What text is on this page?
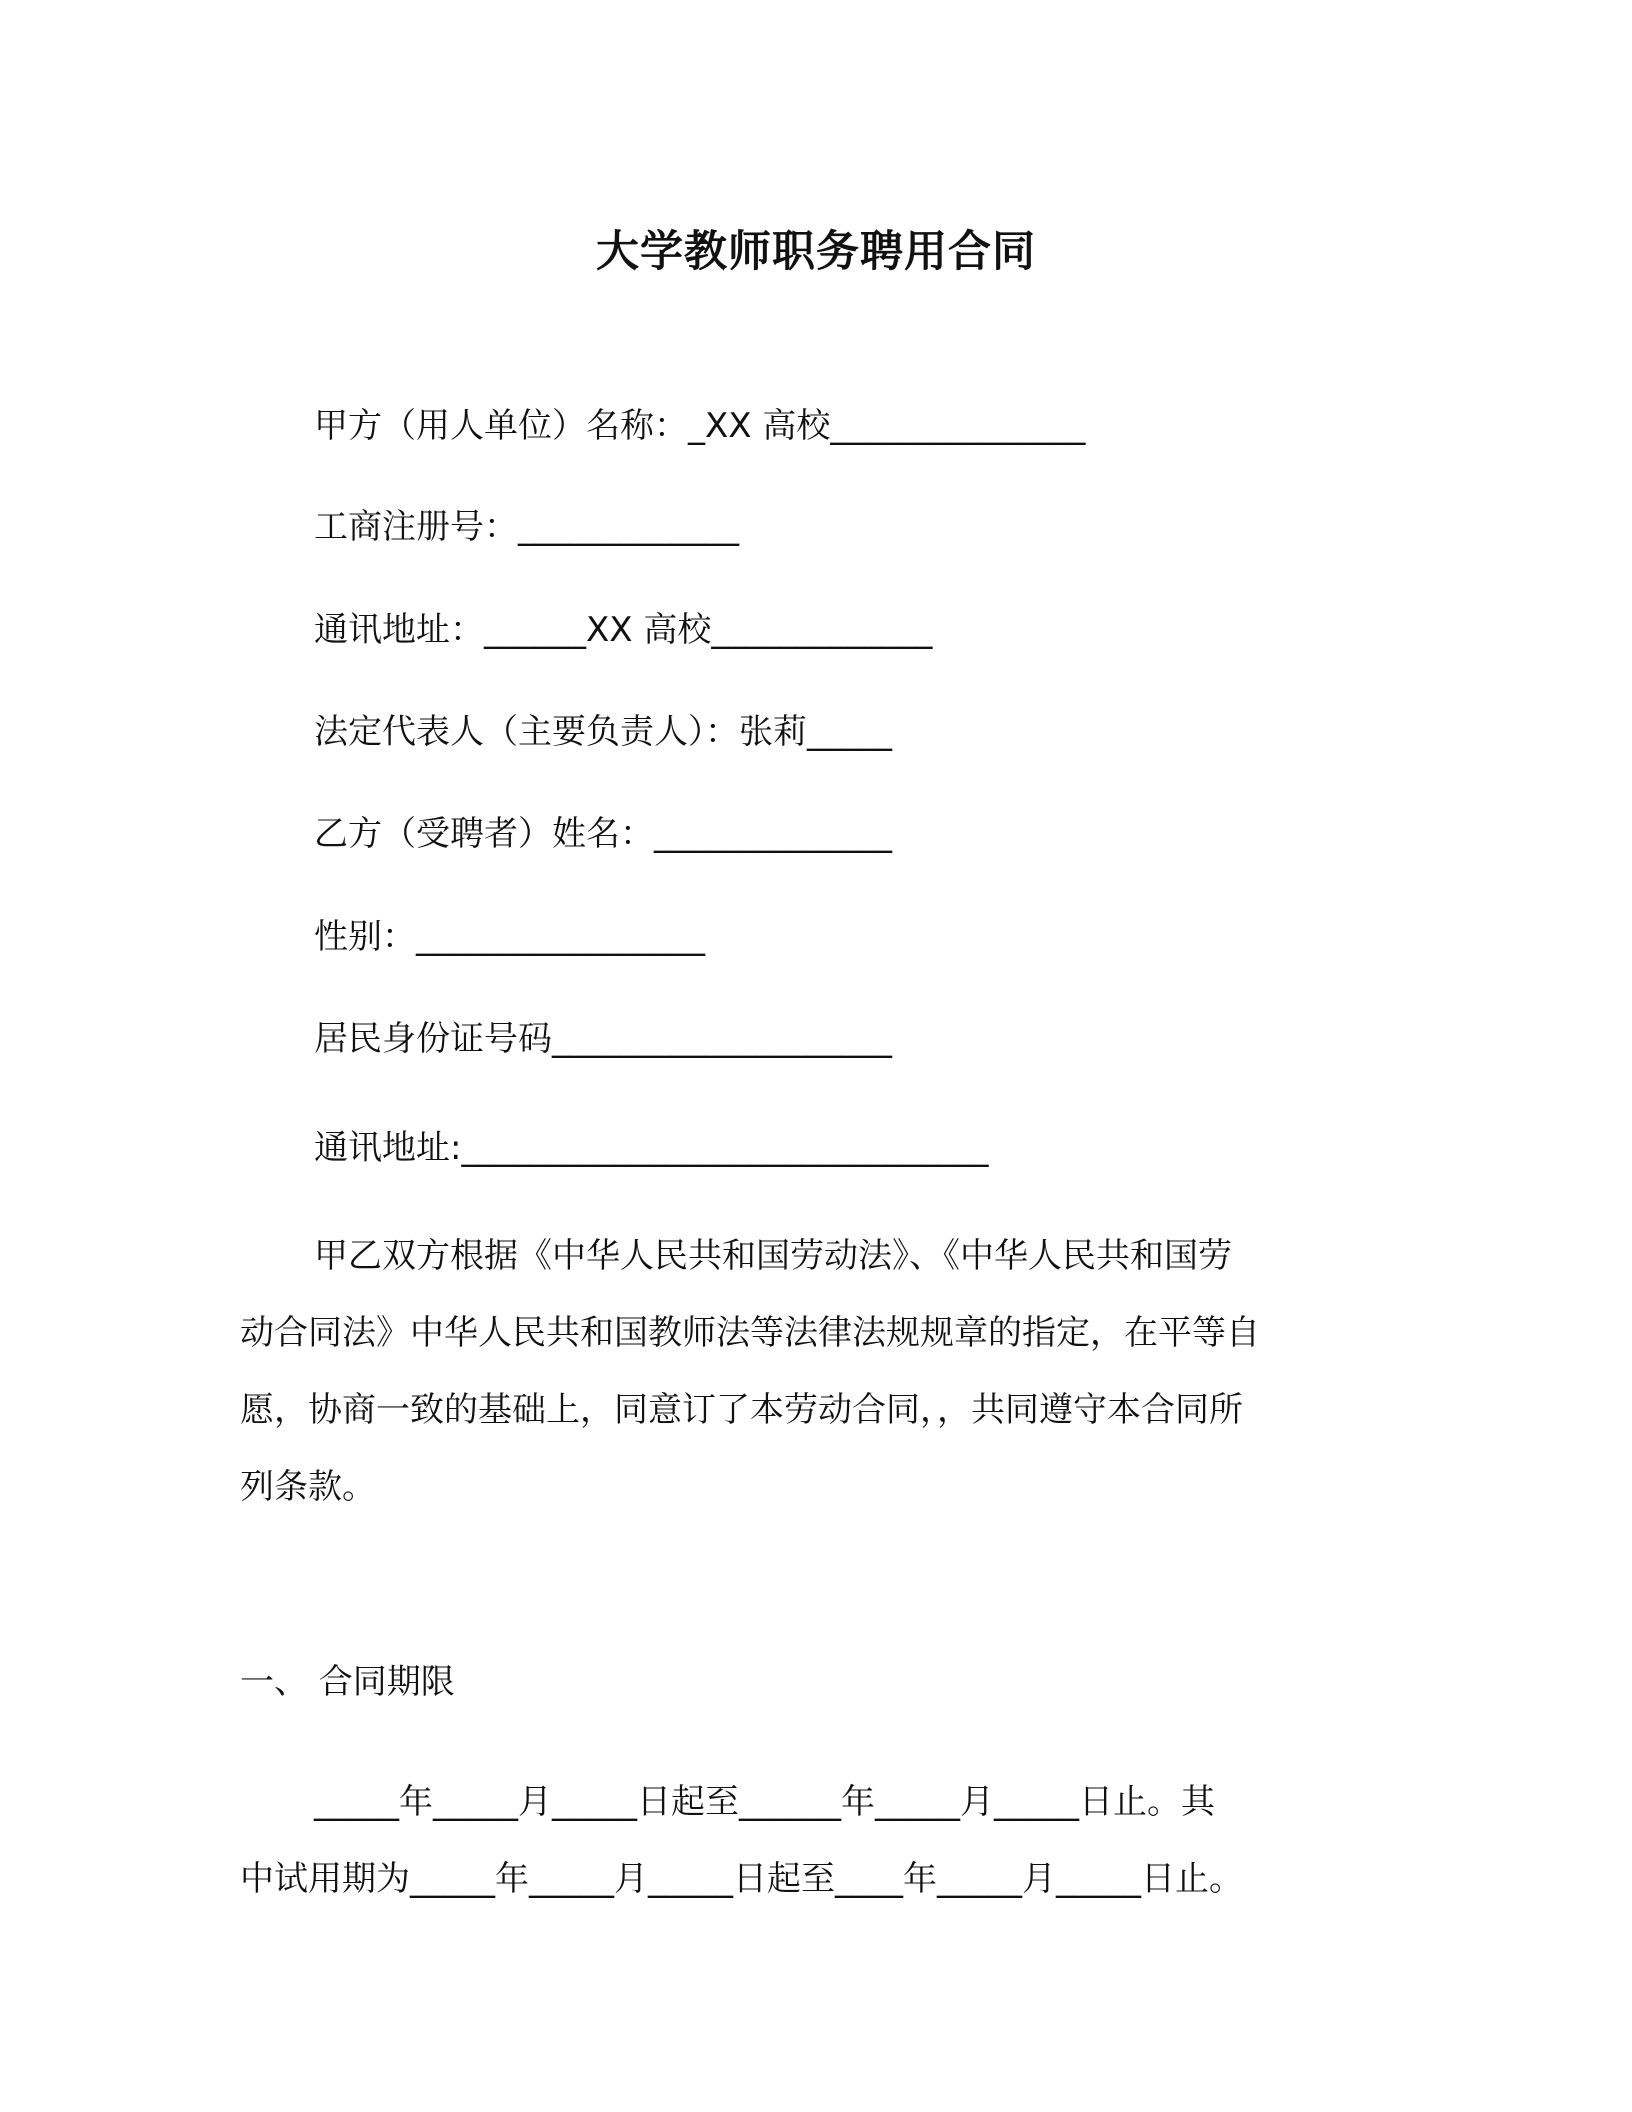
大学教师职务聘用合同
甲方（用人单位）名称：_XX 高校_______________
工商注册号：_____________
通讯地址：______XX 高校_____________
法定代表人（主要负责人）：张莉_____
乙方（受聘者）姓名：______________
性别：_________________
居民身份证号码____________________
通讯地址:_______________________________
甲乙双方根据《中华人民共和国劳动法》、《中华人民共和国劳
动合同法》中华人民共和国教师法等法律法规规章的指定，在平等自
愿，协商一致的基础上，同意订了本劳动合同，，共同遵守本合同所
列条款。
一、 合同期限
_____年_____月_____日起至______年_____月_____日止。其
中试用期为_____年_____月_____日起至____年_____月_____日止。
